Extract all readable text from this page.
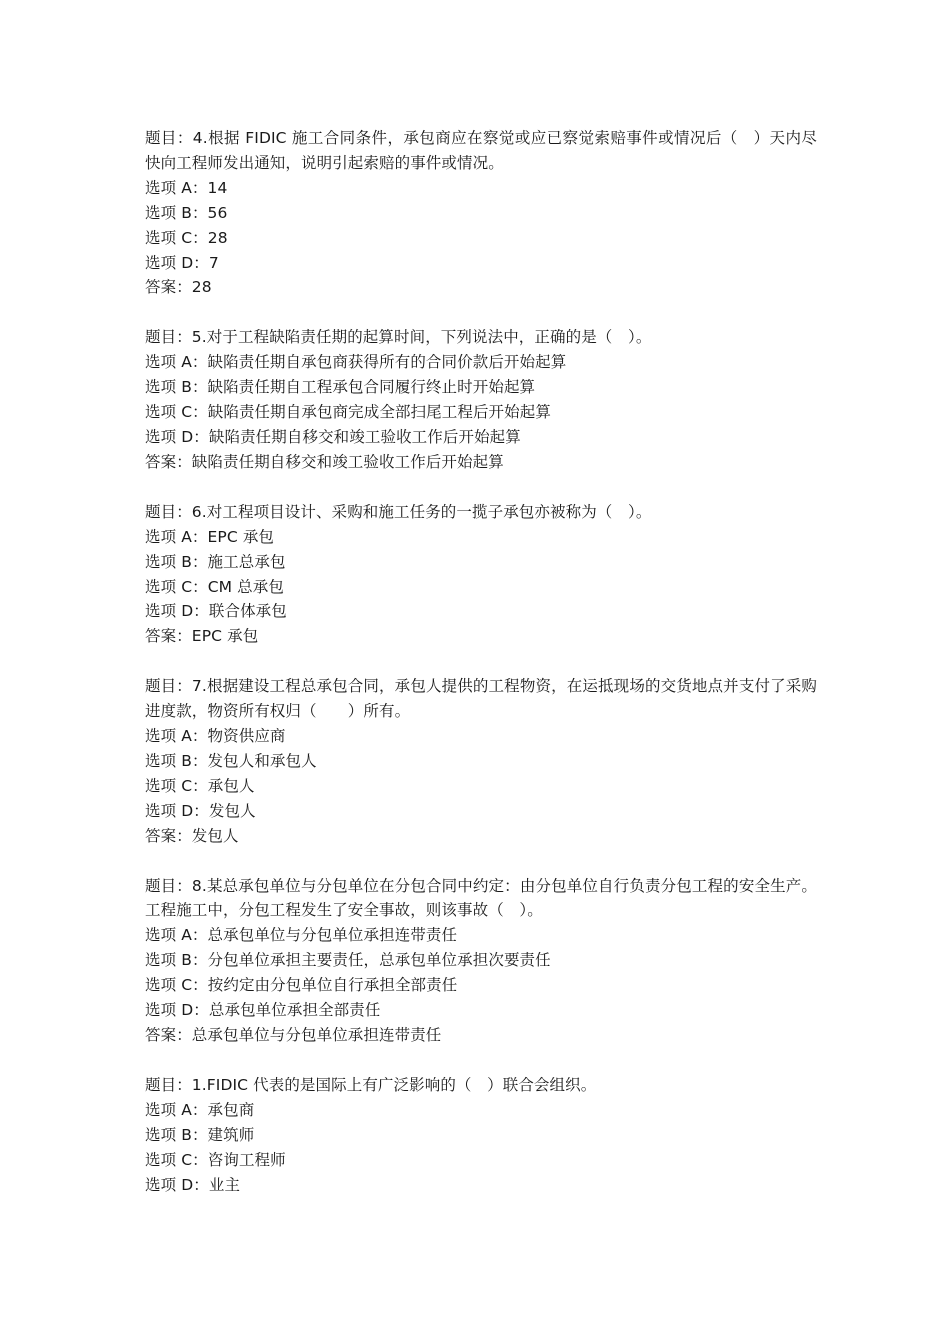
题目：4.根据 FIDIC 施工合同条件，承包商应在察觉或应已察觉索赔事件或情况后（　）天内尽快向工程师发出通知，说明引起索赔的事件或情况。
选项 A：14
选项 B：56
选项 C：28
选项 D：7
答案：28
题目：5.对于工程缺陷责任期的起算时间，下列说法中，正确的是（　）。
选项 A：缺陷责任期自承包商获得所有的合同价款后开始起算
选项 B：缺陷责任期自工程承包合同履行终止时开始起算
选项 C：缺陷责任期自承包商完成全部扫尾工程后开始起算
选项 D：缺陷责任期自移交和竣工验收工作后开始起算
答案：缺陷责任期自移交和竣工验收工作后开始起算
题目：6.对工程项目设计、采购和施工任务的一揽子承包亦被称为（　）。
选项 A：EPC 承包
选项 B：施工总承包
选项 C：CM 总承包
选项 D：联合体承包
答案：EPC 承包
题目：7.根据建设工程总承包合同，承包人提供的工程物资，在运抵现场的交货地点并支付了采购进度款，物资所有权归（　　）所有。
选项 A：物资供应商
选项 B：发包人和承包人
选项 C：承包人
选项 D：发包人
答案：发包人
题目：8.某总承包单位与分包单位在分包合同中约定：由分包单位自行负责分包工程的安全生产。工程施工中，分包工程发生了安全事故，则该事故（　）。
选项 A：总承包单位与分包单位承担连带责任
选项 B：分包单位承担主要责任，总承包单位承担次要责任
选项 C：按约定由分包单位自行承担全部责任
选项 D：总承包单位承担全部责任
答案：总承包单位与分包单位承担连带责任
题目：1.FIDIC 代表的是国际上有广泛影响的（　）联合会组织。
选项 A：承包商
选项 B：建筑师
选项 C：咨询工程师
选项 D：业主
